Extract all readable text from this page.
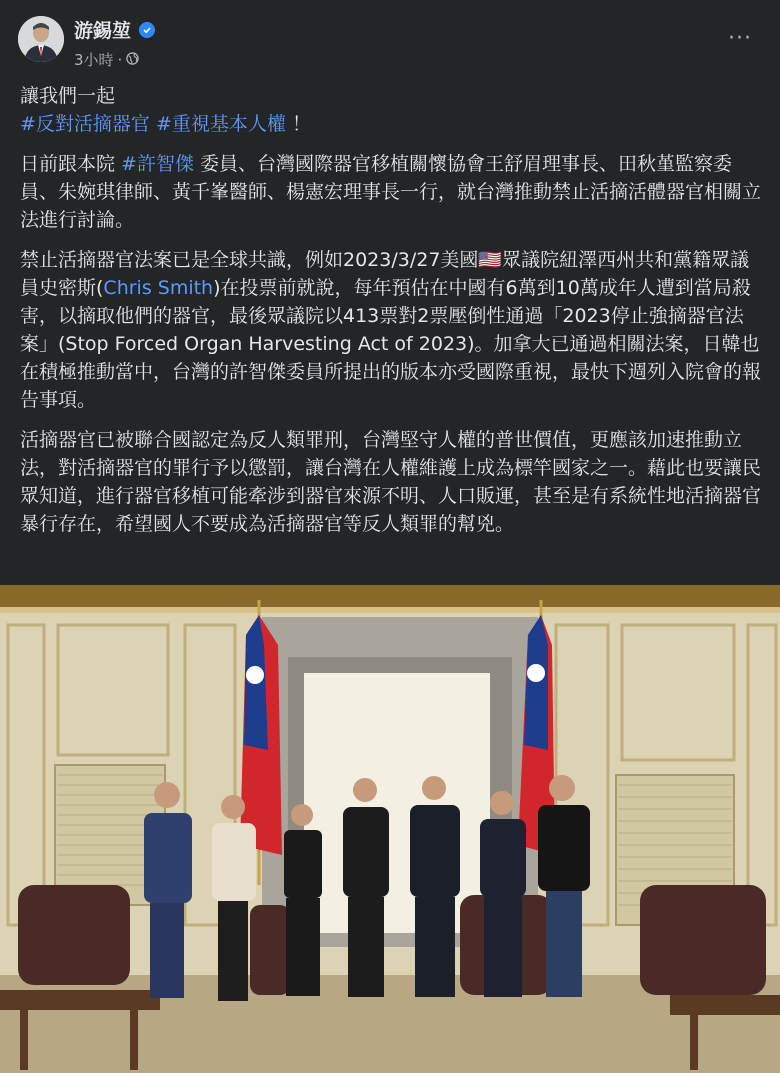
游錫堃
3小時 ·
···

讓我們一起
#反對活摘器官 #重視基本人權 ！

日前跟本院 #許智傑 委員、台灣國際器官移植關懷協會王舒眉理事長、田秋堇監察委員、朱婉琪律師、黃千峯醫師、楊憲宏理事長一行，就台灣推動禁止活摘活體器官相關立法進行討論。

禁止活摘器官法案已是全球共識，例如2023/3/27美國🇺🇸眾議院紐澤西州共和黨籍眾議員史密斯(Chris Smith)在投票前就說，每年預估在中國有6萬到10萬成年人遭到當局殺害，以摘取他們的器官，最後眾議院以413票對2票壓倒性通過「2023停止強摘器官法案」(Stop Forced Organ Harvesting Act of 2023)。加拿大已通過相關法案，日韓也在積極推動當中，台灣的許智傑委員所提出的版本亦受國際重視，最快下週列入院會的報告事項。

活摘器官已被聯合國認定為反人類罪刑，台灣堅守人權的普世價值，更應該加速推動立法，對活摘器官的罪行予以懲罰，讓台灣在人權維護上成為標竿國家之一。藉此也要讓民眾知道，進行器官移植可能牽涉到器官來源不明、人口販運，甚至是有系統性地活摘器官暴行存在，希望國人不要成為活摘器官等反人類罪的幫兇。
